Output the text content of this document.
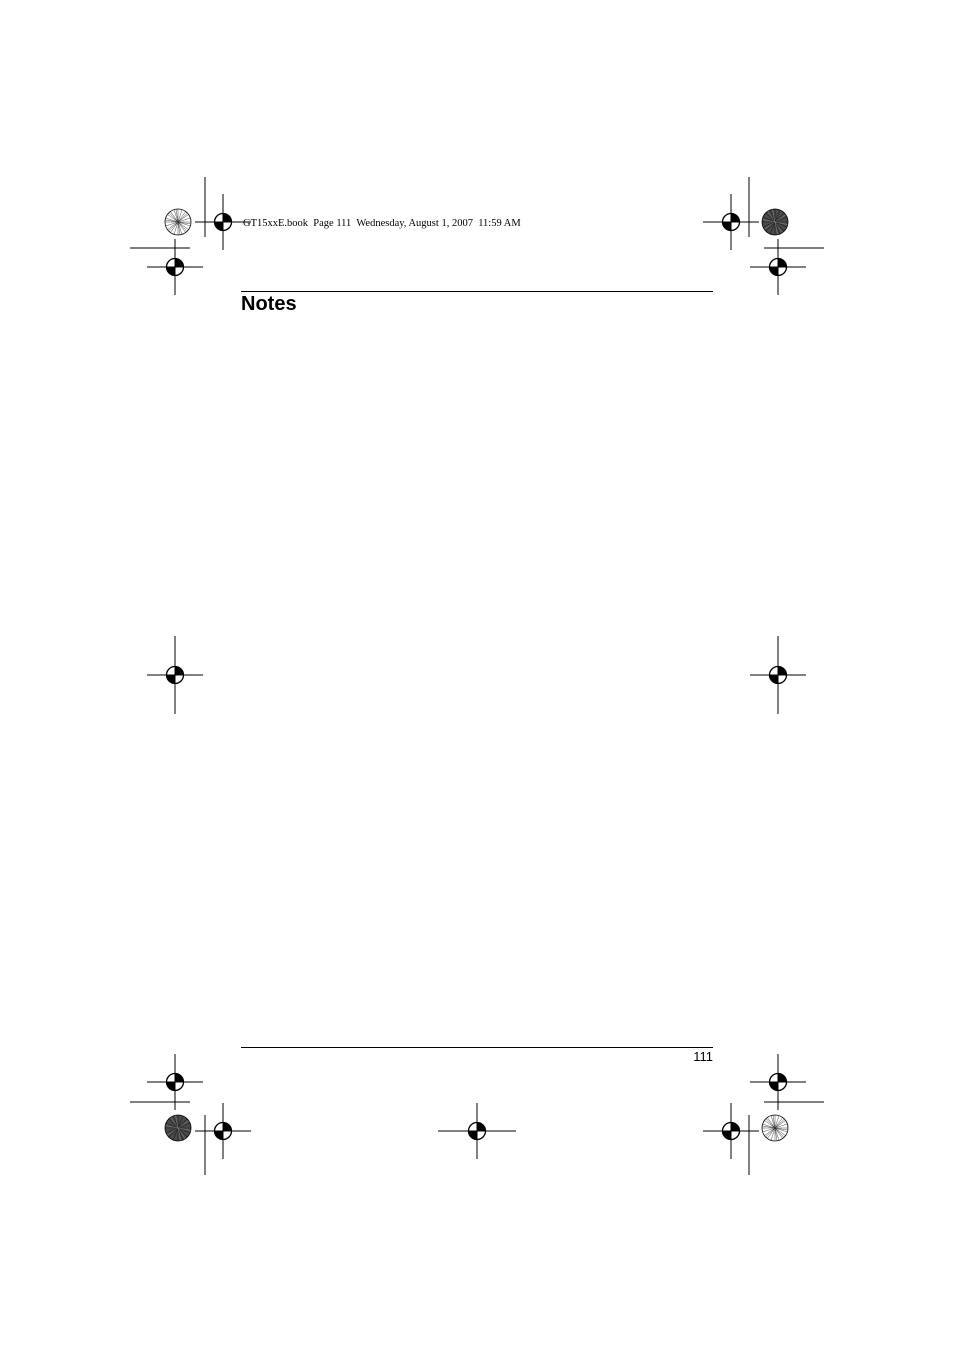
GT15xxE.book  Page 111  Wednesday, August 1, 2007  11:59 AM
Notes
111
